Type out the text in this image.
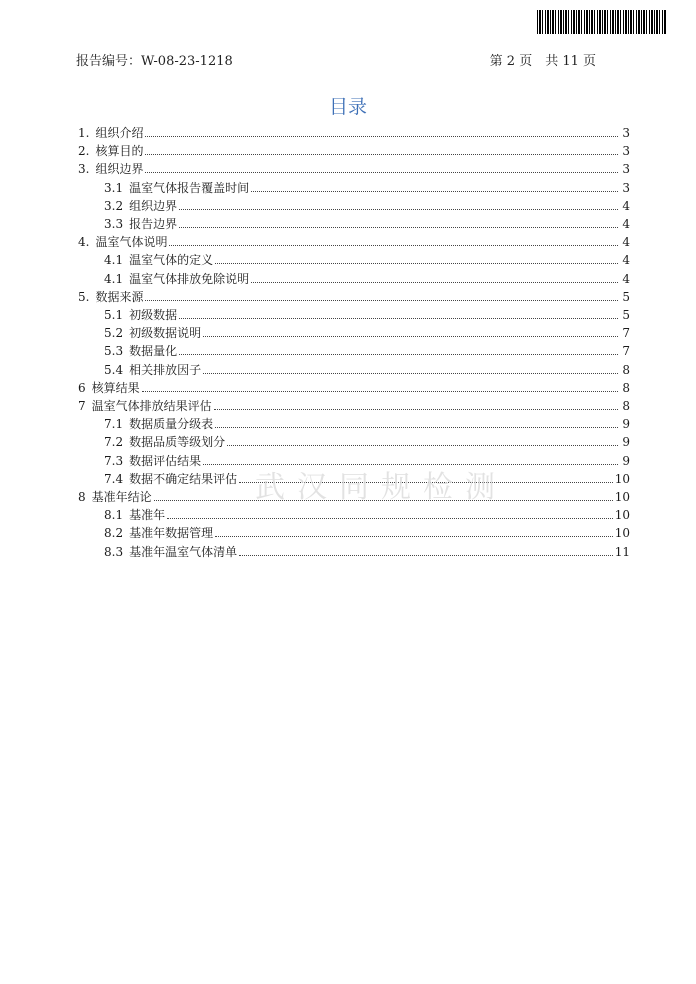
报告编号：W-08-23-1218	第 2 页　共 11 页
目录
1. 组织介绍	3
2. 核算目的	3
3. 组织边界	3
3.1 温室气体报告覆盖时间	3
3.2 组织边界	4
3.3 报告边界	4
4. 温室气体说明	4
4.1 温室气体的定义	4
4.1 温室气体排放免除说明	4
5. 数据来源	5
5.1 初级数据	5
5.2 初级数据说明	7
5.3 数据量化	7
5.4 相关排放因子	8
6 核算结果	8
7 温室气体排放结果评估	8
7.1 数据质量分级表	9
7.2 数据品质等级划分	9
7.3 数据评估结果	9
7.4 数据不确定结果评估	10
8 基准年结论	10
8.1 基准年	10
8.2 基准年数据管理	10
8.3 基准年温室气体清单	11
武汉同规检测
